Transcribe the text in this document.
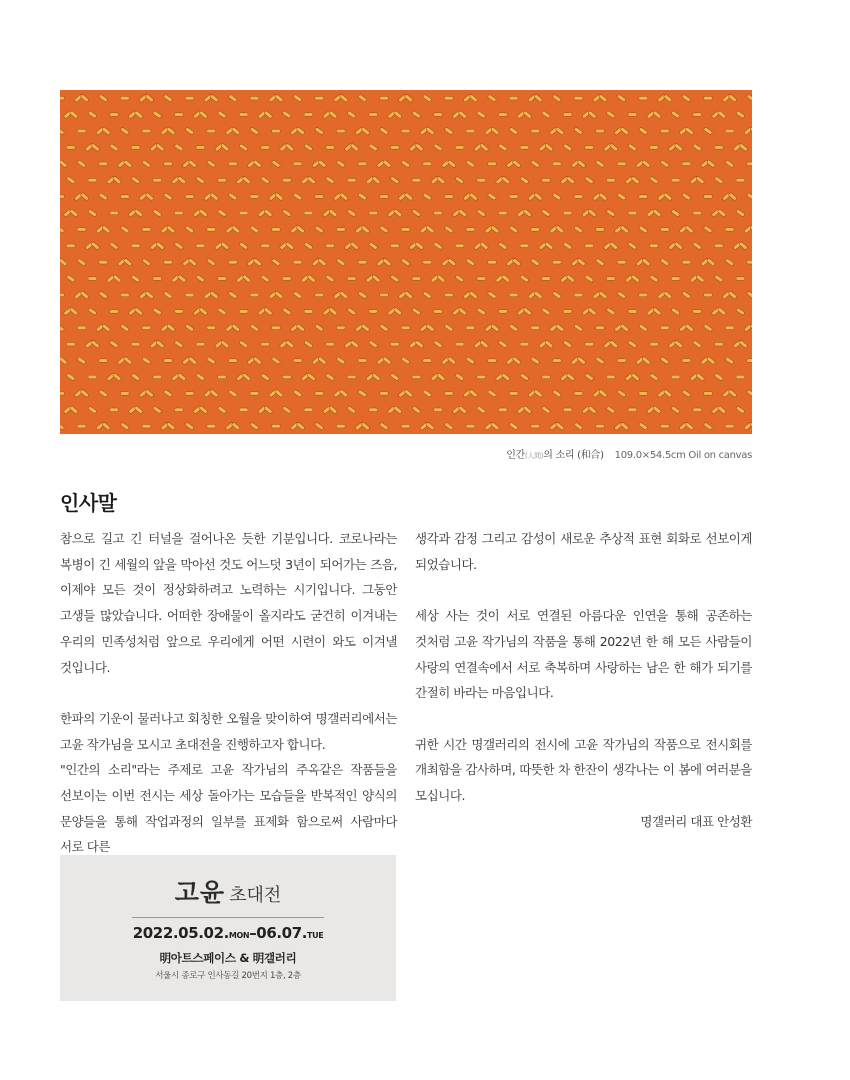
인간(人間)의 소리 (和合) 109.0×54.5cm Oil on canvas
인사말

참으로 길고 긴 터널을 걸어나온 듯한 기분입니다. 코로나라는 복병이 긴 세월의 앞을 막아선 것도 어느덧 3년이 되어가는 즈음, 이제야 모든 것이 정상화하려고 노력하는 시기입니다. 그동안 고생들 많았습니다. 어떠한 장애물이 올지라도 굳건히 이겨내는 우리의 민족성처럼 앞으로 우리에게 어떤 시련이 와도 이겨낼 것입니다.

한파의 기운이 물러나고 회칭한 오월을 맞이하여 명갤러리에서는 고윤 작가님을 모시고 초대전을 진행하고자 합니다.

"인간의 소리"라는 주제로 고윤 작가님의 주옥같은 작품들을 선보이는 이번 전시는 세상 돌아가는 모습들을 반복적인 양식의 문양들을 통해 작업과정의 일부를 표제화 함으로써 사람마다 서로 다른

생각과 감정 그리고 감성이 새로운 추상적 표현 회화로 선보이게 되었습니다.

세상 사는 것이 서로 연결된 아름다운 인연을 통해 공존하는 것처럼 고윤 작가님의 작품을 통해 2022년 한 해 모든 사람들이 사랑의 연결속에서 서로 축복하며 사랑하는 남은 한 해가 되기를 간절히 바라는 마음입니다.

귀한 시간 명갤러리의 전시에 고윤 작가님의 작품으로 전시회를 개최함을 감사하며, 따뜻한 차 한잔이 생각나는 이 봄에 여러분을 모십니다.

명갤러리 대표 안성환

고윤 초대전
2022.05.02.MON–06.07.TUE
明아트스페이스 & 明갤러리
서울시 종로구 인사동길 20번지 1층, 2층
